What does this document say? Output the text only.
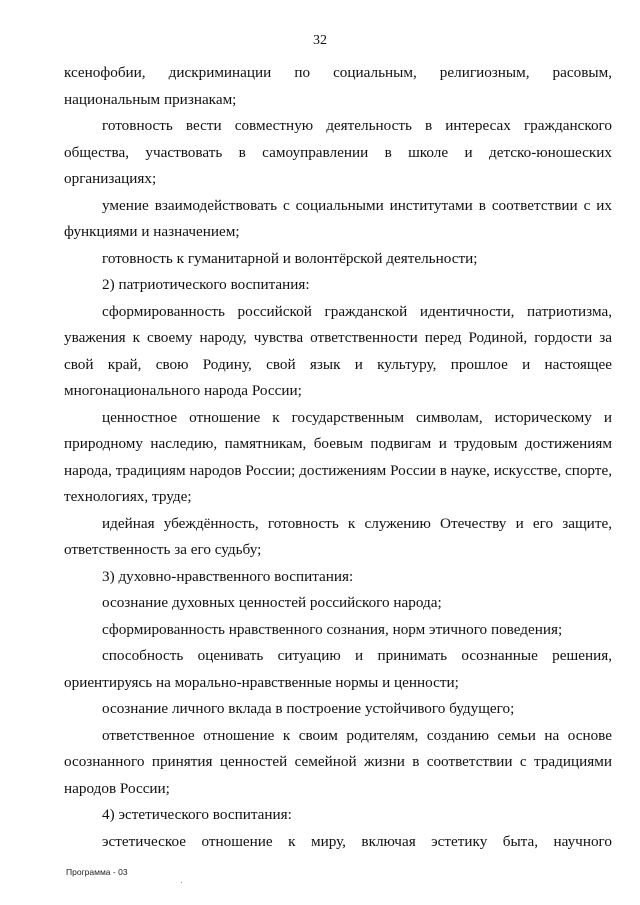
32

ксенофобии, дискриминации по социальным, религиозным, расовым, национальным признакам;

готовность вести совместную деятельность в интересах гражданского общества, участвовать в самоуправлении в школе и детско-юношеских организациях;

умение взаимодействовать с социальными институтами в соответствии с их функциями и назначением;

готовность к гуманитарной и волонтёрской деятельности;

2) патриотического воспитания:

сформированность российской гражданской идентичности, патриотизма, уважения к своему народу, чувства ответственности перед Родиной, гордости за свой край, свою Родину, свой язык и культуру, прошлое и настоящее многонационального народа России;

ценностное отношение к государственным символам, историческому и природному наследию, памятникам, боевым подвигам и трудовым достижениям народа, традициям народов России; достижениям России в науке, искусстве, спорте, технологиях, труде;

идейная убеждённость, готовность к служению Отечеству и его защите, ответственность за его судьбу;

3) духовно-нравственного воспитания:

осознание духовных ценностей российского народа;

сформированность нравственного сознания, норм этичного поведения;

способность оценивать ситуацию и принимать осознанные решения, ориентируясь на морально-нравственные нормы и ценности;

осознание личного вклада в построение устойчивого будущего;

ответственное отношение к своим родителям, созданию семьи на основе осознанного принятия ценностей семейной жизни в соответствии с традициями народов России;

4) эстетического воспитания:

эстетическое отношение к миру, включая эстетику быта, научного

Программа - 03
